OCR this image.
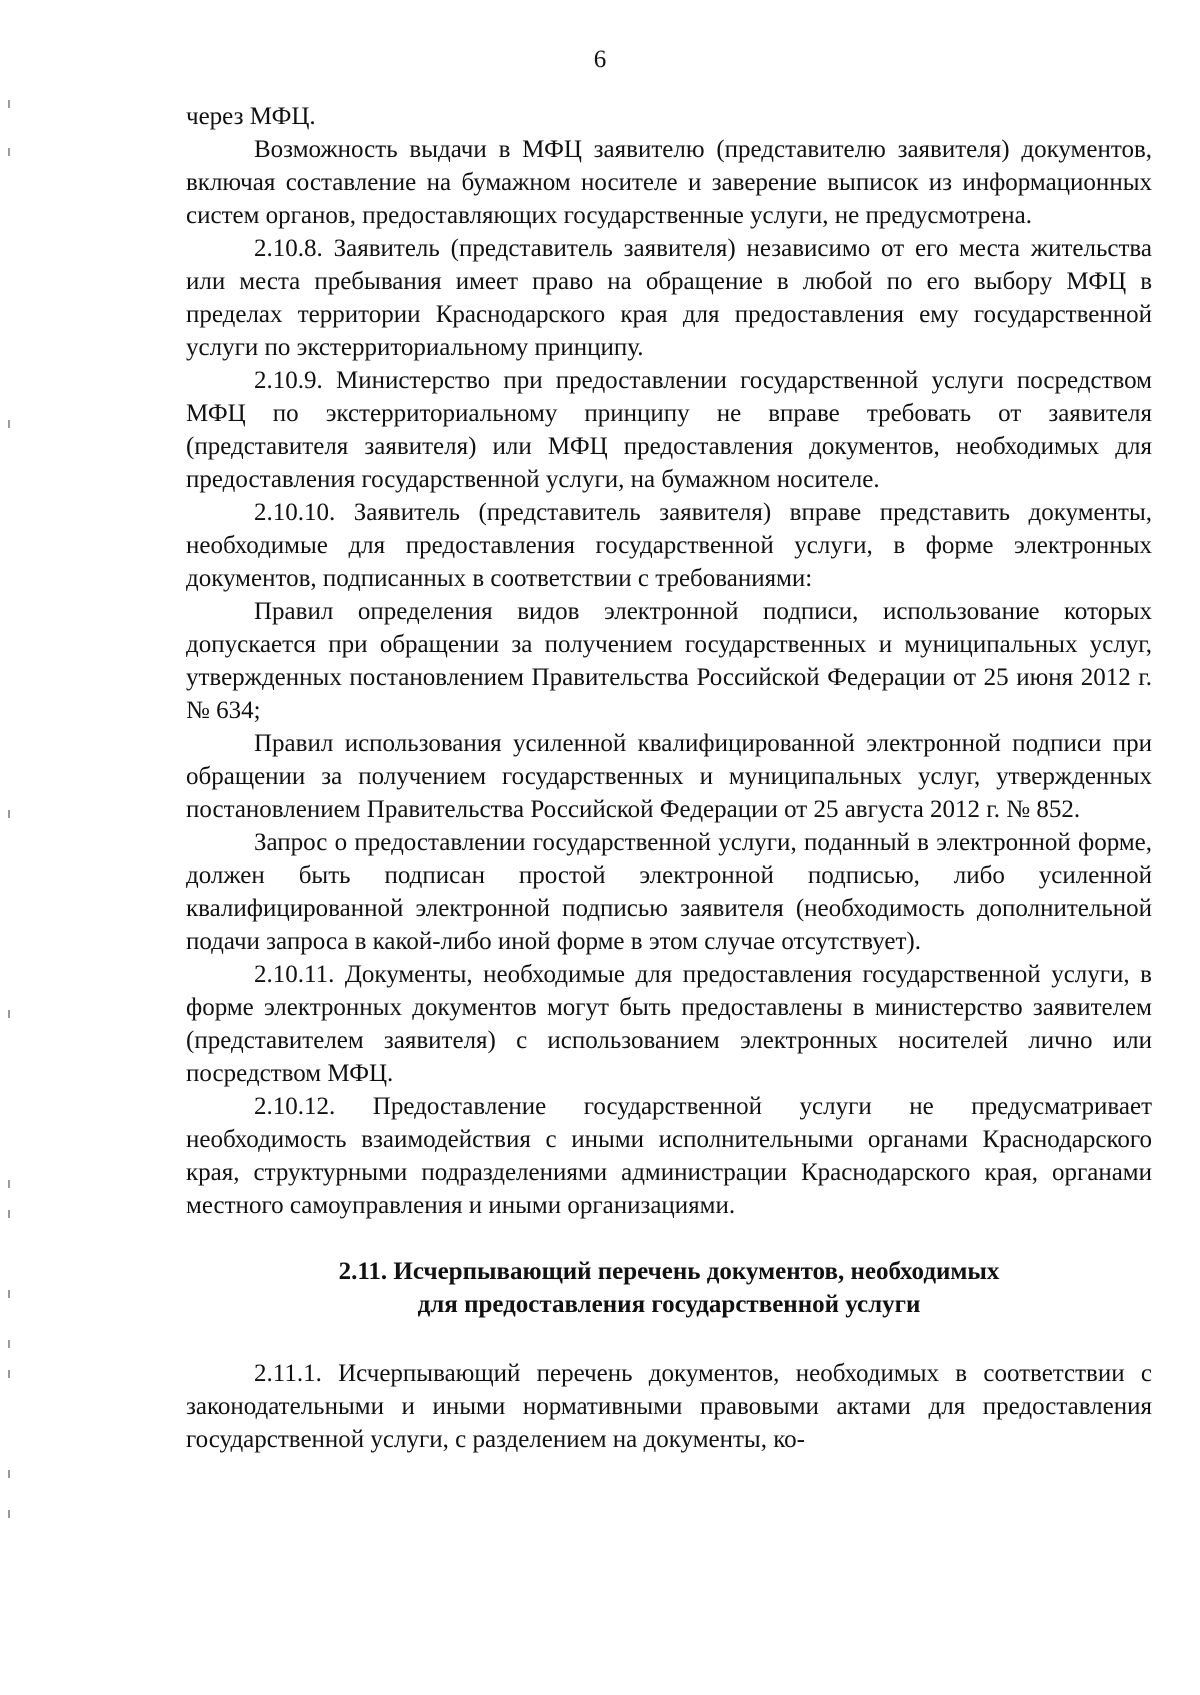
6

через МФЦ.

Возможность выдачи в МФЦ заявителю (представителю заявителя) документов, включая составление на бумажном носителе и заверение выписок из информационных систем органов, предоставляющих государственные услуги, не предусмотрена.

2.10.8. Заявитель (представитель заявителя) независимо от его места жительства или места пребывания имеет право на обращение в любой по его выбору МФЦ в пределах территории Краснодарского края для предоставления ему государственной услуги по экстерриториальному принципу.

2.10.9. Министерство при предоставлении государственной услуги посредством МФЦ по экстерриториальному принципу не вправе требовать от заявителя (представителя заявителя) или МФЦ предоставления документов, необходимых для предоставления государственной услуги, на бумажном носителе.

2.10.10. Заявитель (представитель заявителя) вправе представить документы, необходимые для предоставления государственной услуги, в форме электронных документов, подписанных в соответствии с требованиями:

Правил определения видов электронной подписи, использование которых допускается при обращении за получением государственных и муниципальных услуг, утвержденных постановлением Правительства Российской Федерации от 25 июня 2012 г. № 634;

Правил использования усиленной квалифицированной электронной подписи при обращении за получением государственных и муниципальных услуг, утвержденных постановлением Правительства Российской Федерации от 25 августа 2012 г. № 852.

Запрос о предоставлении государственной услуги, поданный в электронной форме, должен быть подписан простой электронной подписью, либо усиленной квалифицированной электронной подписью заявителя (необходимость дополнительной подачи запроса в какой-либо иной форме в этом случае отсутствует).

2.10.11. Документы, необходимые для предоставления государственной услуги, в форме электронных документов могут быть предоставлены в министерство заявителем (представителем заявителя) с использованием электронных носителей лично или посредством МФЦ.

2.10.12. Предоставление государственной услуги не предусматривает необходимость взаимодействия с иными исполнительными органами Краснодарского края, структурными подразделениями администрации Краснодарского края, органами местного самоуправления и иными организациями.

2.11. Исчерпывающий перечень документов, необходимых
для предоставления государственной услуги

2.11.1. Исчерпывающий перечень документов, необходимых в соответствии с законодательными и иными нормативными правовыми актами для предоставления государственной услуги, с разделением на документы, ко-
